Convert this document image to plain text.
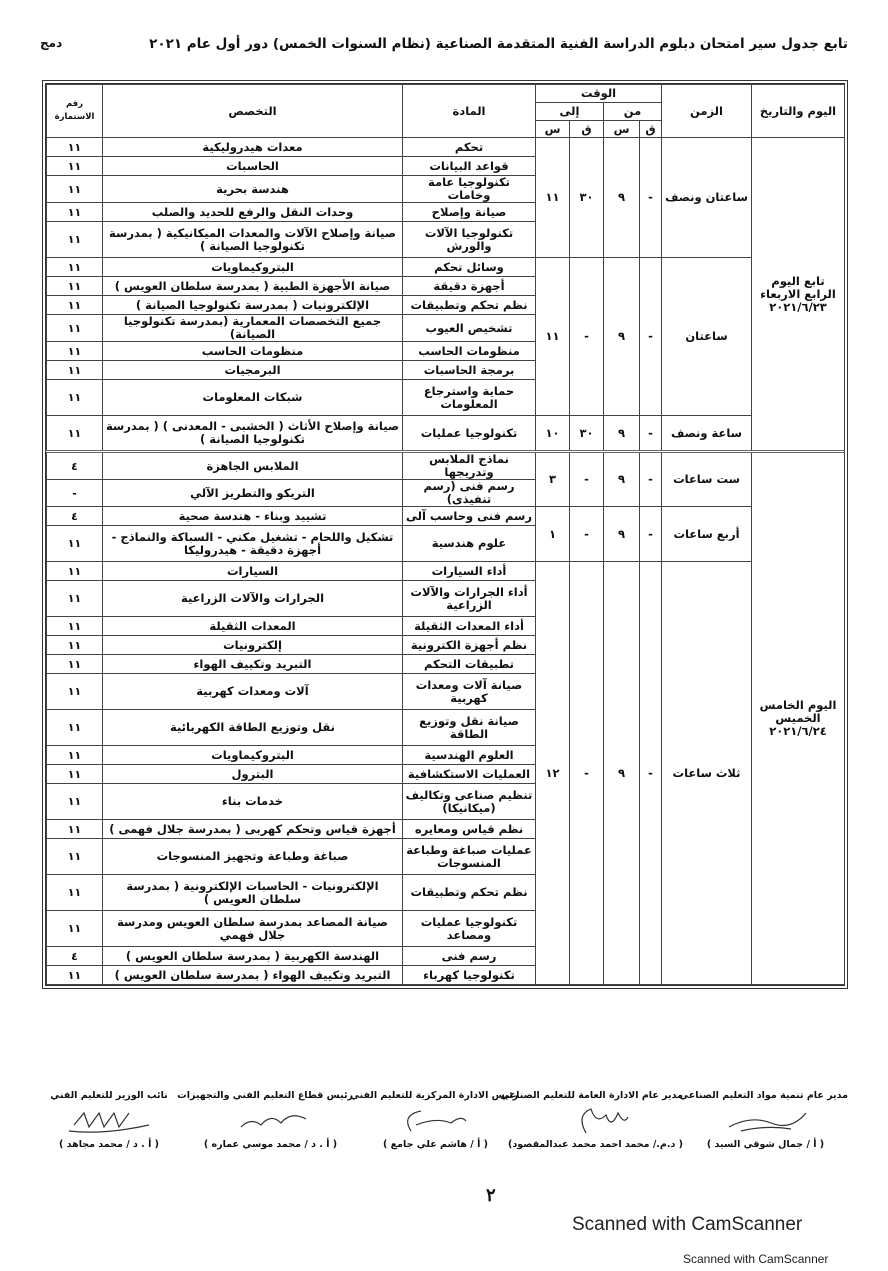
تابع جدول سير امتحان دبلوم الدراسة الفنية المتقدمة الصناعية (نظام السنوات الخمس) دور أول عام ٢٠٢١
دمج
اليوم والتاريخ	الزمن	الوقت				المادة	التخصص	رقم الاستمارة
		من		إلى				
		ق	س	ق	س			
تابع اليوم الرابع الاربعاء ٢٠٢١/٦/٢٣	ساعتان ونصف	-	٩	٣٠	١١	تحكم	معدات هيدروليكية	١١
						قواعد البيانات	الحاسبات	١١
						تكنولوجيا عامة وخامات	هندسة بحرية	١١
						صيانة وإصلاح	وحدات النقل والرفع للحديد والصلب	١١
						تكنولوجيا الآلات والورش	صيانة وإصلاح الآلات والمعدات الميكانيكية ( بمدرسة تكنولوجيا الصيانة )	١١
	ساعتان	-	٩	-	١١	وسائل تحكم	البتروكيماويات	١١
						أجهزة دقيقة	صيانة الأجهزة الطبية ( بمدرسة سلطان العويس )	١١
						نظم تحكم وتطبيقات	الإلكترونيات ( بمدرسة تكنولوجيا الصيانة )	١١
						تشخيص العيوب	جميع التخصصات المعمارية (بمدرسة تكنولوجيا الصيانة)	١١
						منظومات الحاسب	منظومات الحاسب	١١
						برمجة الحاسبات	البرمجيات	١١
						حماية واسترجاع المعلومات	شبكات المعلومات	١١
	ساعة ونصف	-	٩	٣٠	١٠	تكنولوجيا عمليات	صيانة وإصلاح الأثاث ( الخشبى - المعدنى ) ( بمدرسة تكنولوجيا الصيانة )	١١
اليوم الخامس الخميس ٢٠٢١/٦/٢٤	ست ساعات	-	٩	-	٣	نماذج الملابس وتدريجها	الملابس الجاهزة	٤
						رسم فنى (رسم تنفيذى)	التريكو والتطريز الآلي	-
	أربع ساعات	-	٩	-	١	رسم فنى وحاسب آلى	تشييد وبناء - هندسة صحية	٤
						علوم هندسية	تشكيل واللحام - تشغيل مكني - السباكة والنماذج - أجهزة دقيقة - هيدروليكا	١١
	ثلاث ساعات	-	٩	-	١٢	أداء السيارات	السيارات	١١
						أداء الجرارات والآلات الزراعية	الجرارات والآلات الزراعية	١١
						أداء المعدات الثقيلة	المعدات الثقيلة	١١
						نظم أجهزة الكترونية	إلكترونيات	١١
						تطبيقات التحكم	التبريد وتكييف الهواء	١١
						صيانة آلات ومعدات كهربية	آلات ومعدات كهربية	١١
						صيانة نقل وتوزيع الطاقة	نقل وتوزيع الطاقة الكهربائية	١١
						العلوم الهندسية	البتروكيماويات	١١
						العمليات الاستكشافية	البترول	١١
						تنظيم صناعى وتكاليف (ميكانيكا)	خدمات بناء	١١
						نظم قياس ومعايره	أجهزة قياس وتحكم كهربى ( بمدرسة جلال فهمى )	١١
						عمليات صباغة وطباعة المنسوجات	صباغة وطباعة وتجهيز المنسوجات	١١
						نظم تحكم وتطبيقات	الإلكترونيات - الحاسبات الإلكترونية ( بمدرسة سلطان العويس )	١١
						تكنولوجيا عمليات ومصاعد	صيانة المصاعد بمدرسة سلطان العويس ومدرسة جلال فهمي	١١
						رسم فنى	الهندسة الكهربية ( بمدرسة سلطان العويس )	٤
						تكنولوجيا كهرباء	التبريد وتكييف الهواء ( بمدرسة سلطان العويس )	١١
مدير عام تنمية مواد التعليم الصناعي
( أ / جمال شوقي السيد )
مدير عام الادارة العامة للتعليم الصناعي
( د.م./ محمد احمد محمد عبدالمقصود)
رئيس الادارة المركزية للتعليم الفني
( أ / هاشم علي جامع )
رئيس قطاع التعليم الفني والتجهيزات
( أ . د / محمد موسي عماره )
نائب الوزير للتعليم الفني
( أ . د / محمد مجاهد )
٢
Scanned with CamScanner
Scanned with CamScanner
